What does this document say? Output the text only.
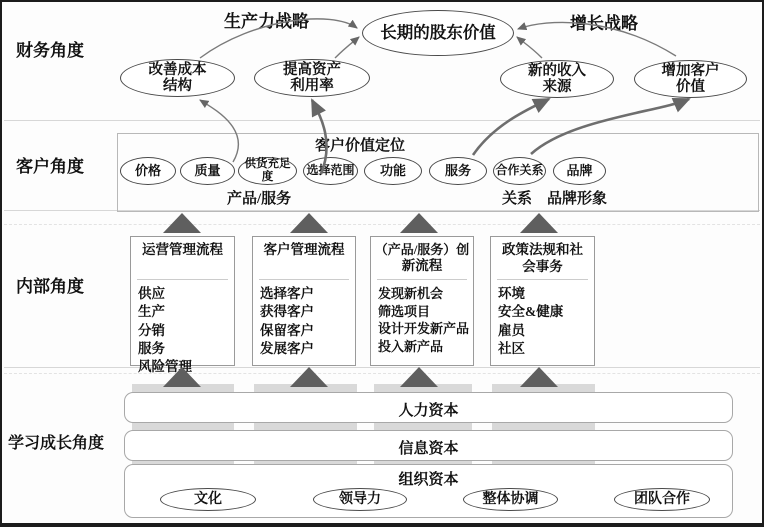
财务角度
客户角度
内部角度
学习成长角度
生产力战略	增长战略
长期的股东价值
改善成本
结构
提高资产
利用率
新的收入
来源
增加客户
价值
客户价值定位
价格	质量	供货充足度	选择范围 功能	服务 合作关系 品牌
产品/服务	关系 品牌形象
运营管理流程
供应
生产
分销
服务
风险管理
客户管理流程
选择客户
获得客户
保留客户
发展客户
（产品/服务）创
新流程
发现新机会
筛选项目
设计开发新产品
投入新产品
政策法规和社
会事务
环境
安全&健康
雇员
社区
人力资本
信息资本
组织资本
文化	领导力	整体协调	团队合作
